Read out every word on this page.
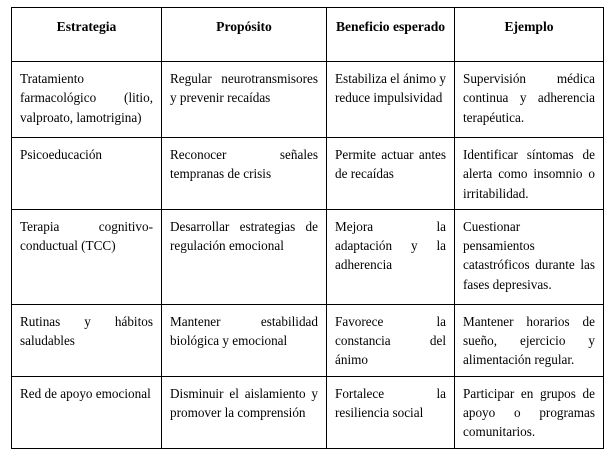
Estrategia	Propósito	Beneficio esperado	Ejemplo

Tratamiento farmacológico (litio, valproato, lamotrigina)	Regular neurotransmisores y prevenir recaídas	Estabiliza el ánimo y reduce impulsividad	Supervisión médica continua y adherencia terapéutica.

Psicoeducación	Reconocer señales tempranas de crisis	Permite actuar antes de recaídas	Identificar síntomas de alerta como insomnio o irritabilidad.

Terapia cognitivo-conductual (TCC)	Desarrollar estrategias de regulación emocional	Mejora la adaptación y la adherencia	Cuestionar pensamientos catastróficos durante las fases depresivas.

Rutinas y hábitos saludables	Mantener estabilidad biológica y emocional	Favorece la constancia del ánimo	Mantener horarios de sueño, ejercicio y alimentación regular.

Red de apoyo emocional	Disminuir el aislamiento y promover la comprensión	Fortalece la resiliencia social	Participar en grupos de apoyo o programas comunitarios.
